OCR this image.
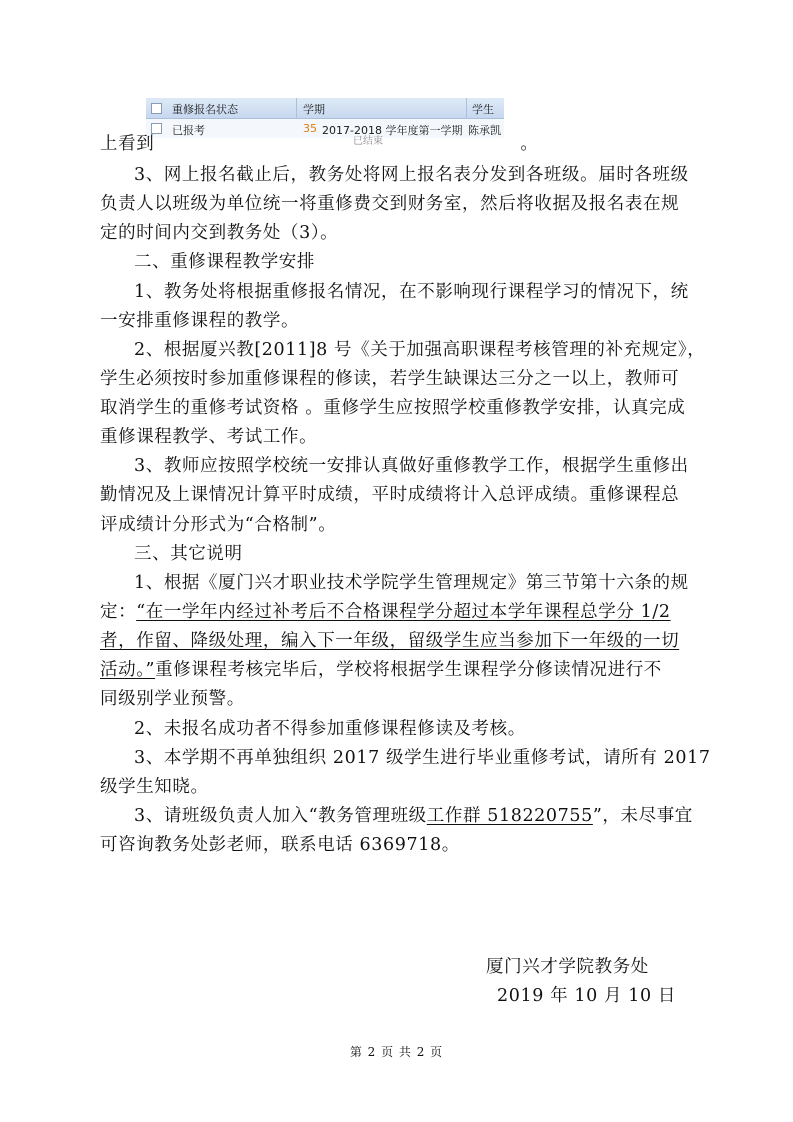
重修报名状态	学期	学生
已报考	35 2017-2018 学年度第一学期 陈承凯
已结束
上看到	。
3、网上报名截止后，教务处将网上报名表分发到各班级。届时各班级
负责人以班级为单位统一将重修费交到财务室，然后将收据及报名表在规
定的时间内交到教务处（3）。
二、重修课程教学安排
1、教务处将根据重修报名情况，在不影响现行课程学习的情况下，统
一安排重修课程的教学。
2、根据厦兴教[2011]8 号《关于加强高职课程考核管理的补充规定》，
学生必须按时参加重修课程的修读，若学生缺课达三分之一以上，教师可
取消学生的重修考试资格 。重修学生应按照学校重修教学安排，认真完成
重修课程教学、考试工作。
3、教师应按照学校统一安排认真做好重修教学工作，根据学生重修出
勤情况及上课情况计算平时成绩，平时成绩将计入总评成绩。重修课程总
评成绩计分形式为“合格制”。
三、其它说明
1、根据《厦门兴才职业技术学院学生管理规定》第三节第十六条的规
定：“在一学年内经过补考后不合格课程学分超过本学年课程总学分 1/2
者，作留、降级处理，编入下一年级，留级学生应当参加下一年级的一切
活动。”重修课程考核完毕后，学校将根据学生课程学分修读情况进行不
同级别学业预警。
2、未报名成功者不得参加重修课程修读及考核。
3、本学期不再单独组织 2017 级学生进行毕业重修考试，请所有 2017
级学生知晓。
3、请班级负责人加入“教务管理班级工作群 518220755”，未尽事宜
可咨询教务处彭老师，联系电话 6369718。
厦门兴才学院教务处
2019 年 10 月 10 日
第 2 页 共 2 页
